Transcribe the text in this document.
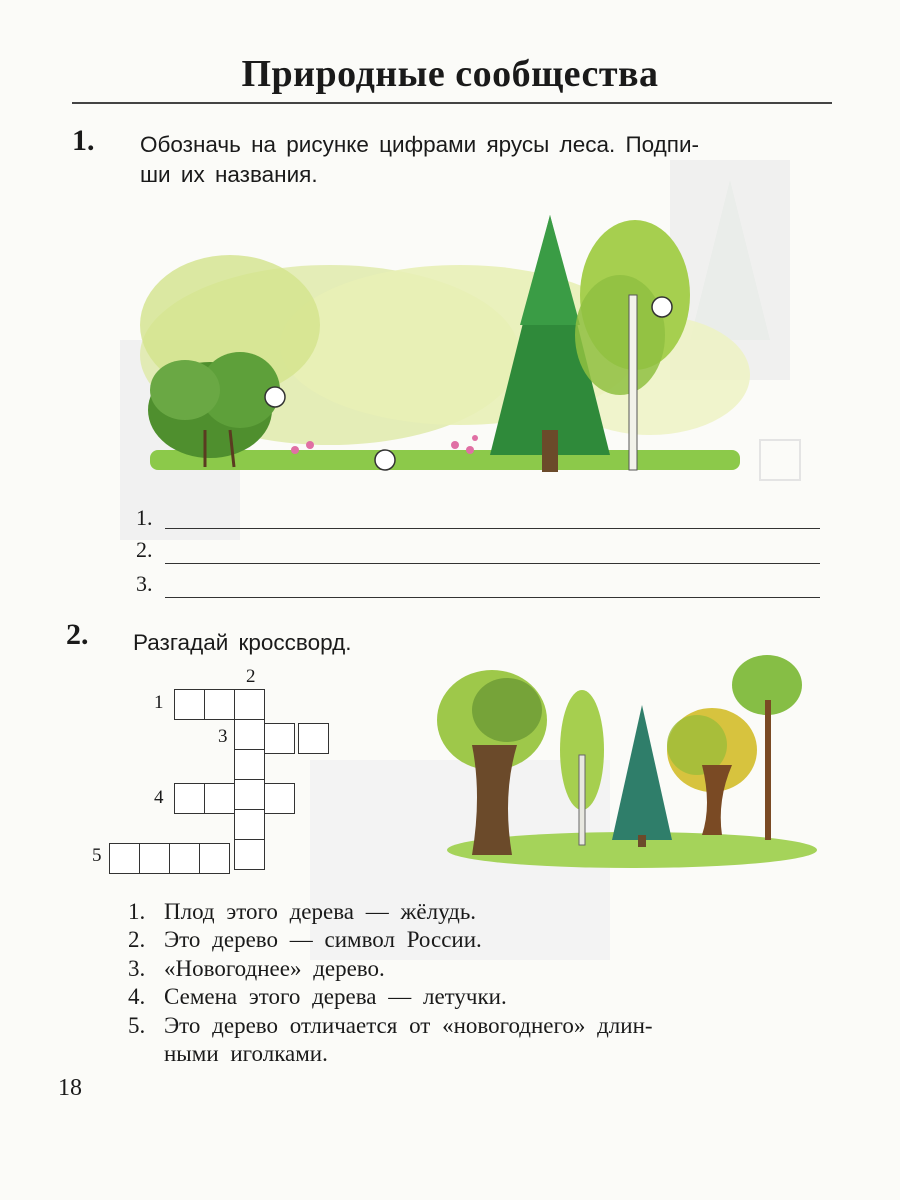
Природные сообщества
1. Обозначь на рисунке цифрами ярусы леса. Подпи-
ши их названия.
1.
2.
3.
2. Разгадай кроссворд.
1
2
3
4
5
1. Плод этого дерева — жёлудь.
2. Это дерево — символ России.
3. «Новогоднее» дерево.
4. Семена этого дерева — летучки.
5. Это дерево отличается от «новогоднего» длин-
ными иголками.
18
